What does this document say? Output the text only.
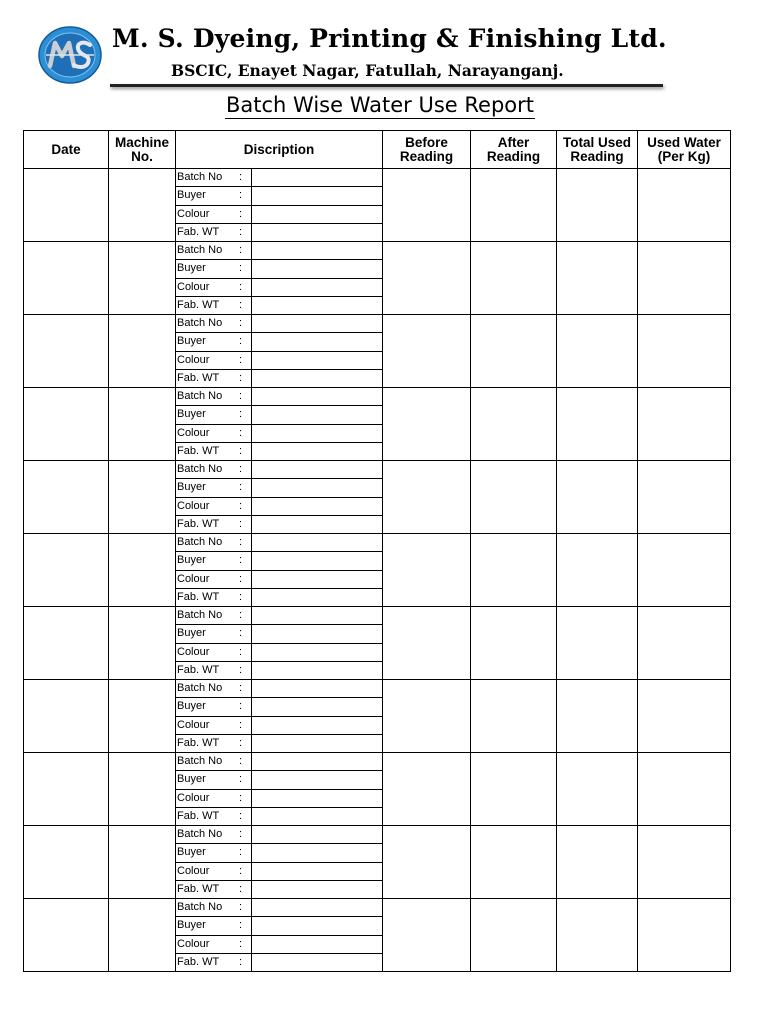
M. S. Dyeing, Printing & Finishing Ltd.

BSCIC, Enayet Nagar, Fatullah, Narayanganj.

Batch Wise Water Use Report
Date	Machine No.	Discription	Before Reading	After Reading	Total Used Reading	Used Water (Per Kg)

Batch No :

Buyer	:

Colour	:

Fab. WT :

Batch No :

Buyer	:

Colour	:

Fab. WT :

Batch No :

Buyer	:

Colour	:

Fab. WT :

Batch No :

Buyer	:

Colour	:

Fab. WT :

Batch No :

Buyer	:

Colour	:

Fab. WT :

Batch No :

Buyer	:

Colour	:

Fab. WT :

Batch No :

Buyer	:

Colour	:

Fab. WT :

Batch No :

Buyer	:

Colour	:

Fab. WT :

Batch No :

Buyer	:

Colour	:

Fab. WT :

Batch No :

Buyer	:

Colour	:

Fab. WT :

Batch No :

Buyer	:

Colour	:

Fab. WT :
